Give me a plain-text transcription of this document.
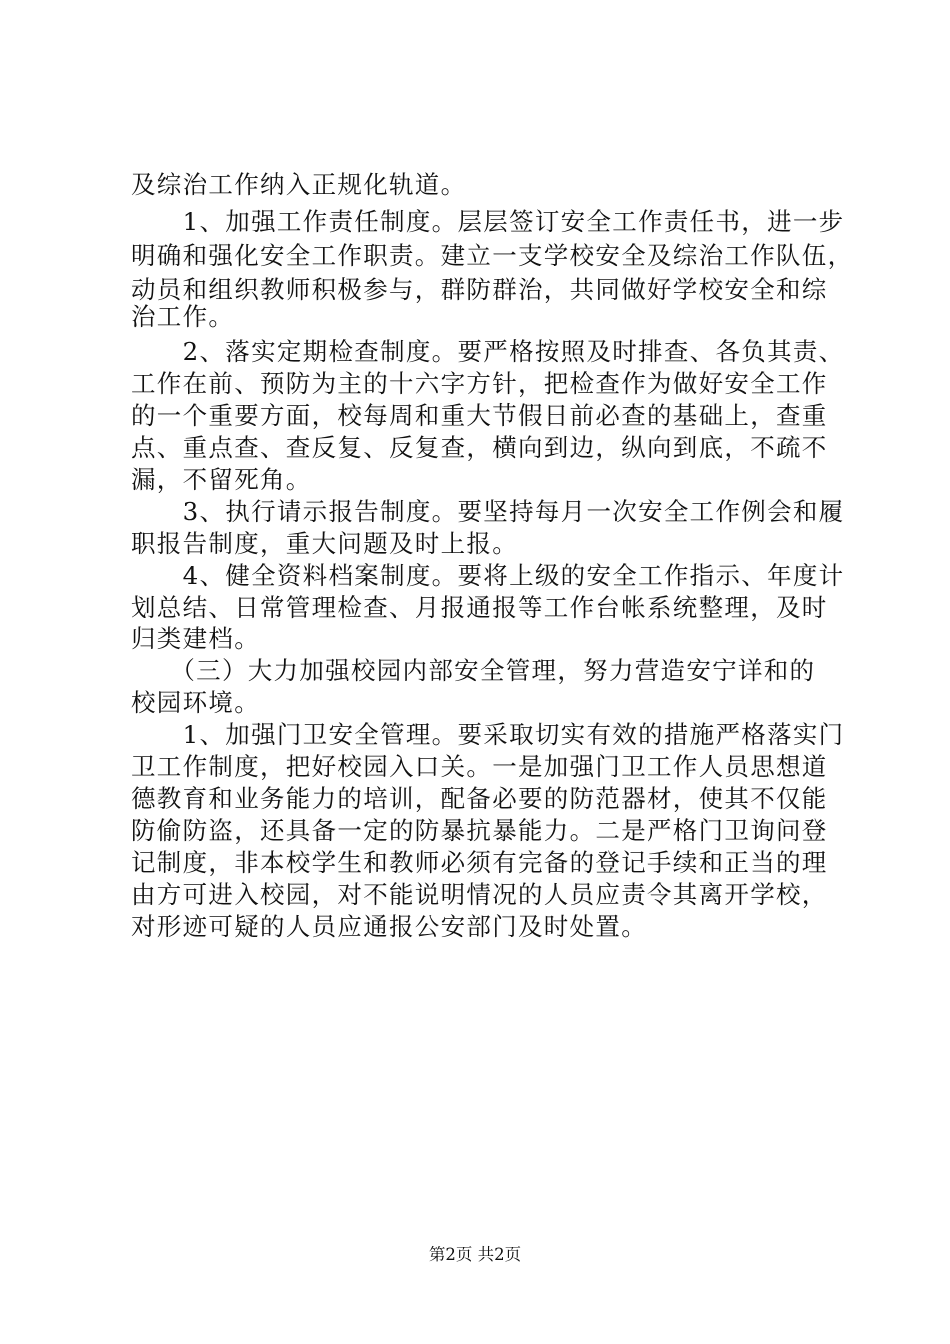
及综治工作纳入正规化轨道。
　　1、加强工作责任制度。层层签订安全工作责任书，进一步
明确和强化安全工作职责。建立一支学校安全及综治工作队伍，
动员和组织教师积极参与，群防群治，共同做好学校安全和综
治工作。
　　2、落实定期检查制度。要严格按照及时排查、各负其责、
工作在前、预防为主的十六字方针，把检查作为做好安全工作
的一个重要方面，校每周和重大节假日前必查的基础上，查重
点、重点查、查反复、反复查，横向到边，纵向到底，不疏不
漏，不留死角。
　　3、执行请示报告制度。要坚持每月一次安全工作例会和履
职报告制度，重大问题及时上报。
　　4、健全资料档案制度。要将上级的安全工作指示、年度计
划总结、日常管理检查、月报通报等工作台帐系统整理，及时
归类建档。
　　（三）大力加强校园内部安全管理，努力营造安宁详和的
校园环境。
　　1、加强门卫安全管理。要采取切实有效的措施严格落实门
卫工作制度，把好校园入口关。一是加强门卫工作人员思想道
德教育和业务能力的培训，配备必要的防范器材，使其不仅能
防偷防盗，还具备一定的防暴抗暴能力。二是严格门卫询问登
记制度，非本校学生和教师必须有完备的登记手续和正当的理
由方可进入校园，对不能说明情况的人员应责令其离开学校，
对形迹可疑的人员应通报公安部门及时处置。
第2页 共2页
